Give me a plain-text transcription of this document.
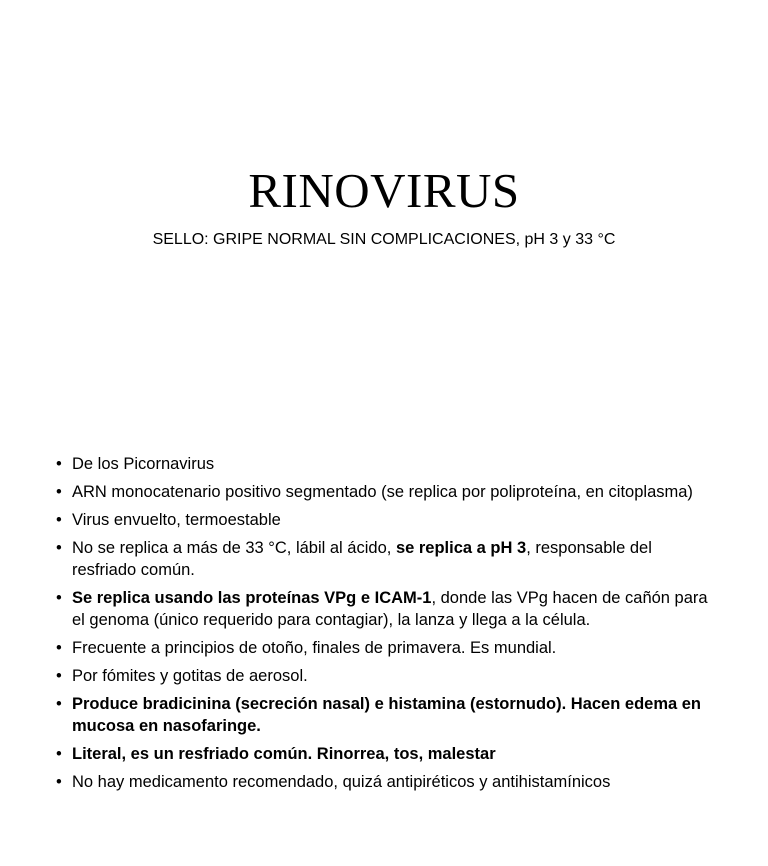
RINOVIRUS
SELLO: GRIPE NORMAL SIN COMPLICACIONES, pH 3 y 33 °C
• De los Picornavirus
• ARN monocatenario positivo segmentado (se replica por poliproteína, en citoplasma)
• Virus envuelto, termoestable
• No se replica a más de 33 °C, lábil al ácido, se replica a pH 3, responsable del resfriado común.
• Se replica usando las proteínas VPg e ICAM-1, donde las VPg hacen de cañón para el genoma (único requerido para contagiar), la lanza y llega a la célula.
• Frecuente a principios de otoño, finales de primavera. Es mundial.
• Por fómites y gotitas de aerosol.
• Produce bradicinina (secreción nasal) e histamina (estornudo). Hacen edema en mucosa en nasofaringe.
• Literal, es un resfriado común. Rinorrea, tos, malestar
• No hay medicamento recomendado, quizá antipiréticos y antihistamínicos
